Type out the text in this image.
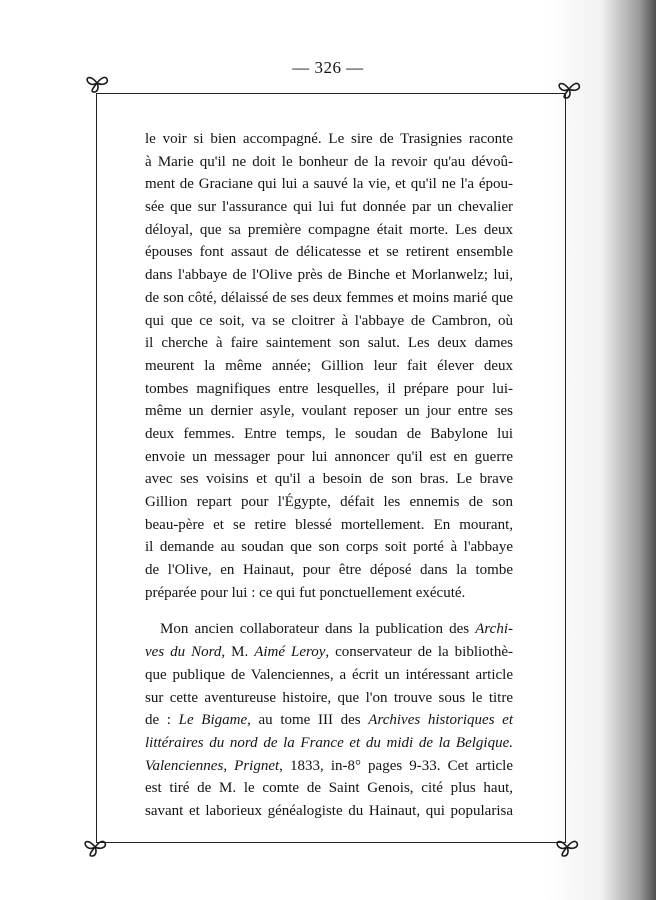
— 326 —
le voir si bien accompagné. Le sire de Trasignies raconte
à Marie qu'il ne doit le bonheur de la revoir qu'au dévoû-
ment de Graciane qui lui a sauvé la vie, et qu'il ne l'a épou-
sée que sur l'assurance qui lui fut donnée par un chevalier
déloyal, que sa première compagne était morte. Les deux
épouses font assaut de délicatesse et se retirent ensemble
dans l'abbaye de l'Olive près de Binche et Morlanwelz; lui,
de son côté, délaissé de ses deux femmes et moins marié que
qui que ce soit, va se cloitrer à l'abbaye de Cambron, où
il cherche à faire saintement son salut. Les deux dames
meurent la même année; Gillion leur fait élever deux
tombes magnifiques entre lesquelles, il prépare pour lui-
même un dernier asyle, voulant reposer un jour entre ses
deux femmes. Entre temps, le soudan de Babylone lui
envoie un messager pour lui annoncer qu'il est en guerre
avec ses voisins et qu'il a besoin de son bras. Le brave
Gillion repart pour l'Égypte, défait les ennemis de son
beau-père et se retire blessé mortellement. En mourant,
il demande au soudan que son corps soit porté à l'abbaye
de l'Olive, en Hainaut, pour être déposé dans la tombe
préparée pour lui : ce qui fut ponctuellement exécuté.
Mon ancien collaborateur dans la publication des Archi-
ves du Nord, M. Aimé Leroy, conservateur de la bibliothè-
que publique de Valenciennes, a écrit un intéressant article
sur cette aventureuse histoire, que l'on trouve sous le titre
de : Le Bigame, au tome III des Archives historiques et
littéraires du nord de la France et du midi de la Belgique.
Valenciennes, Prignet, 1833, in-8° pages 9-33. Cet article
est tiré de M. le comte de Saint Genois, cité plus haut,
savant et laborieux généalogiste du Hainaut, qui popularisa
